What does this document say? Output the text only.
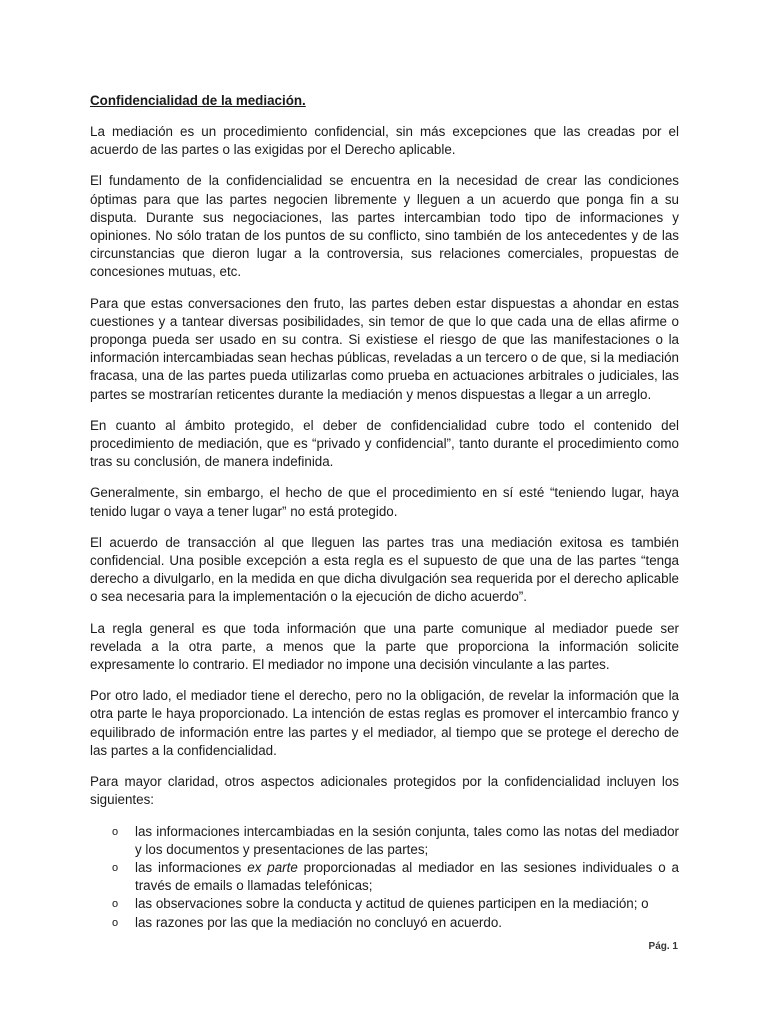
Confidencialidad de la mediación.

La mediación es un procedimiento confidencial, sin más excepciones que las creadas por el acuerdo de las partes o las exigidas por el Derecho aplicable.

El fundamento de la confidencialidad se encuentra en la necesidad de crear las condiciones óptimas para que las partes negocien libremente y lleguen a un acuerdo que ponga fin a su disputa. Durante sus negociaciones, las partes intercambian todo tipo de informaciones y opiniones. No sólo tratan de los puntos de su conflicto, sino también de los antecedentes y de las circunstancias que dieron lugar a la controversia, sus relaciones comerciales, propuestas de concesiones mutuas, etc.

Para que estas conversaciones den fruto, las partes deben estar dispuestas a ahondar en estas cuestiones y a tantear diversas posibilidades, sin temor de que lo que cada una de ellas afirme o proponga pueda ser usado en su contra. Si existiese el riesgo de que las manifestaciones o la información intercambiadas sean hechas públicas, reveladas a un tercero o de que, si la mediación fracasa, una de las partes pueda utilizarlas como prueba en actuaciones arbitrales o judiciales, las partes se mostrarían reticentes durante la mediación y menos dispuestas a llegar a un arreglo.

En cuanto al ámbito protegido, el deber de confidencialidad cubre todo el contenido del procedimiento de mediación, que es “privado y confidencial”, tanto durante el procedimiento como tras su conclusión, de manera indefinida.

Generalmente, sin embargo, el hecho de que el procedimiento en sí esté “teniendo lugar, haya tenido lugar o vaya a tener lugar” no está protegido.

El acuerdo de transacción al que lleguen las partes tras una mediación exitosa es también confidencial. Una posible excepción a esta regla es el supuesto de que una de las partes “tenga derecho a divulgarlo, en la medida en que dicha divulgación sea requerida por el derecho aplicable o sea necesaria para la implementación o la ejecución de dicho acuerdo”.

La regla general es que toda información que una parte comunique al mediador puede ser revelada a la otra parte, a menos que la parte que proporciona la información solicite expresamente lo contrario. El mediador no impone una decisión vinculante a las partes.

Por otro lado, el mediador tiene el derecho, pero no la obligación, de revelar la información que la otra parte le haya proporcionado. La intención de estas reglas es promover el intercambio franco y equilibrado de información entre las partes y el mediador, al tiempo que se protege el derecho de las partes a la confidencialidad.

Para mayor claridad, otros aspectos adicionales protegidos por la confidencialidad incluyen los siguientes:

o las informaciones intercambiadas en la sesión conjunta, tales como las notas del mediador y los documentos y presentaciones de las partes;
o las informaciones ex parte proporcionadas al mediador en las sesiones individuales o a través de emails o llamadas telefónicas;
o las observaciones sobre la conducta y actitud de quienes participen en la mediación; o
o las razones por las que la mediación no concluyó en acuerdo.
Pág. 1
